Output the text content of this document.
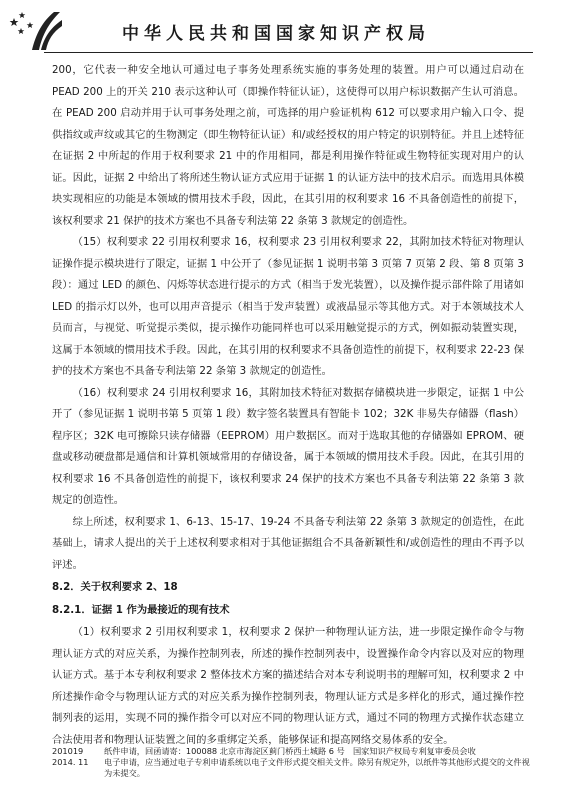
中华人民共和国国家知识产权局

200，它代表一种安全地认可通过电子事务处理系统实施的事务处理的装置。用户可以通过启动在 PEAD 200 上的开关 210 表示这种认可（即操作特征认证），这使得可以用户标识数据产生认可消息。在 PEAD 200 启动并用于认可事务处理之前，可选择的用户验证机构 612 可以要求用户输入口令、提供指纹或声纹或其它的生物测定（即生物特征认证）和/或经授权的用户特定的识别特征。并且上述特征在证据 2 中所起的作用于权利要求 21 中的作用相同，都是利用操作特征或生物特征实现对用户的认证。因此，证据 2 中给出了将所述生物认证方式应用于证据 1 的认证方法中的技术启示。而选用具体模块实现相应的功能是本领域的惯用技术手段，因此，在其引用的权利要求 16 不具备创造性的前提下，该权利要求 21 保护的技术方案也不具备专利法第 22 条第 3 款规定的创造性。

（15）权利要求 22 引用权利要求 16，权利要求 23 引用权利要求 22，其附加技术特征对物理认证操作提示模块进行了限定，证据 1 中公开了（参见证据 1 说明书第 3 页第 7 页第 2 段、第 8 页第 3 段）：通过 LED 的颜色、闪烁等状态进行提示的方式（相当于发光装置），以及操作提示部件除了用诸如 LED 的指示灯以外，也可以用声音提示（相当于发声装置）或液晶显示等其他方式。对于本领域技术人员而言，与视觉、听觉提示类似，提示操作功能同样也可以采用触觉提示的方式，例如振动装置实现，这属于本领域的惯用技术手段。因此，在其引用的权利要求不具备创造性的前提下，权利要求 22-23 保护的技术方案也不具备专利法第 22 条第 3 款规定的创造性。

（16）权利要求 24 引用权利要求 16，其附加技术特征对数据存储模块进一步限定，证据 1 中公开了（参见证据 1 说明书第 5 页第 1 段）数字签名装置具有智能卡 102；32K 非易失存储器（flash）程序区；32K 电可擦除只读存储器（EEPROM）用户数据区。而对于选取其他的存储器如 EPROM、硬盘或移动硬盘都是通信和计算机领域常用的存储设备，属于本领域的惯用技术手段。因此，在其引用的权利要求 16 不具备创造性的前提下，该权利要求 24 保护的技术方案也不具备专利法第 22 条第 3 款规定的创造性。

综上所述，权利要求 1、6-13、15-17、19-24 不具备专利法第 22 条第 3 款规定的创造性，在此基础上，请求人提出的关于上述权利要求相对于其他证据组合不具备新颖性和/或创造性的理由不再予以评述。

8.2．关于权利要求 2、18
8.2.1．证据 1 作为最接近的现有技术

（1）权利要求 2 引用权利要求 1，权利要求 2 保护一种物理认证方法，进一步限定操作命令与物理认证方式的对应关系，为操作控制列表，所述的操作控制列表中，设置操作命令内容以及对应的物理认证方式。基于本专利权利要求 2 整体技术方案的描述结合对本专利说明书的理解可知，权利要求 2 中所述操作命令与物理认证方式的对应关系为操作控制列表，物理认证方式是多样化的形式，通过操作控制列表的运用，实现不同的操作指令可以对应不同的物理认证方式，通过不同的物理方式操作状态建立合法使用者和物理认证装置之间的多重绑定关系，能够保证和提高网络交易体系的安全。

201019	纸件申请，回函请寄：100088 北京市海淀区蓟门桥西土城路 6 号　国家知识产权局专利复审委员会收
2014. 11	电子申请，应当通过电子专利申请系统以电子文件形式提交相关文件。除另有规定外，以纸件等其他形式提交的文件视为未提交。
